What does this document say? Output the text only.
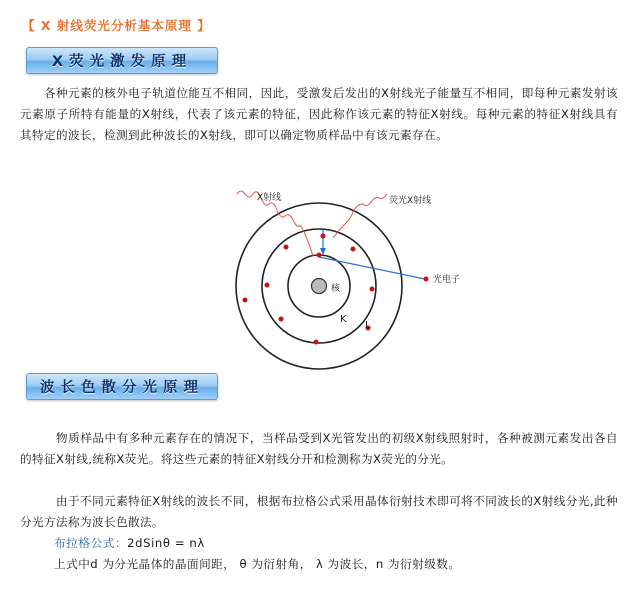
【 X 射线荧光分析基本原理 】
X荧光激发原理

各种元素的核外电子轨道位能互不相同，因此，受激发后发出的X射线光子能量互不相同，即每种元素发射该元素原子所特有能量的X射线，代表了该元素的特征，因此称作该元素的特征X射线。每种元素的特征X射线具有其特定的波长，检测到此种波长的X射线，即可以确定物质样品中有该元素存在。

核
X射线	荧光X射线
光电子
K
L
波长色散分光原理

物质样品中有多种元素存在的情况下，当样品受到X光管发出的初级X射线照射时，各种被测元素发出各自的特征X射线,统称X荧光。将这些元素的特征X射线分开和检测称为X荧光的分光。

由于不同元素特征X射线的波长不同，根据布拉格公式采用晶体衍射技术即可将不同波长的X射线分光,此种分光方法称为波长色散法。

布拉格公式：2dSinθ = nλ

上式中d 为分光晶体的晶面间距， θ 为衍射角， λ 为波长，n 为衍射级数。
